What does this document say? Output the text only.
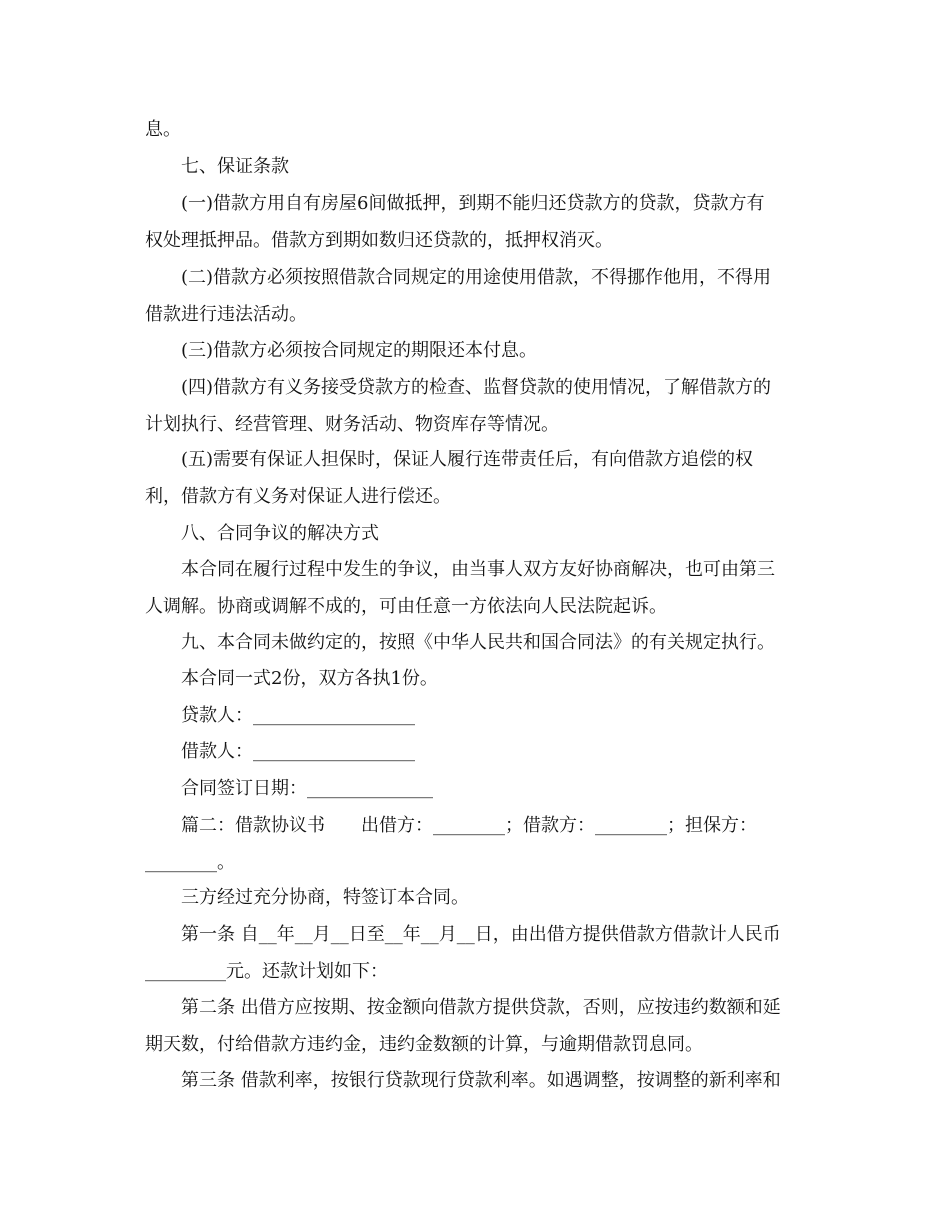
息。

七、保证条款

(一)借款方用自有房屋6间做抵押，到期不能归还贷款方的贷款，贷款方有
权处理抵押品。借款方到期如数归还贷款的，抵押权消灭。

(二)借款方必须按照借款合同规定的用途使用借款，不得挪作他用，不得用
借款进行违法活动。

(三)借款方必须按合同规定的期限还本付息。

(四)借款方有义务接受贷款方的检查、监督贷款的使用情况，了解借款方的
计划执行、经营管理、财务活动、物资库存等情况。

(五)需要有保证人担保时，保证人履行连带责任后，有向借款方追偿的权
利，借款方有义务对保证人进行偿还。

八、合同争议的解决方式

本合同在履行过程中发生的争议，由当事人双方友好协商解决，也可由第三
人调解。协商或调解不成的，可由任意一方依法向人民法院起诉。

九、本合同未做约定的，按照《中华人民共和国合同法》的有关规定执行。

本合同一式2份，双方各执1份。

贷款人：__________________

借款人：__________________

合同签订日期：______________

篇二：借款协议书　　出借方：________；借款方：________；担保方：
________。

三方经过充分协商，特签订本合同。

第一条 自__年__月__日至__年__月__日，由出借方提供借款方借款计人民币
_________元。还款计划如下：

第二条 出借方应按期、按金额向借款方提供贷款，否则，应按违约数额和延
期天数，付给借款方违约金，违约金数额的计算，与逾期借款罚息同。

第三条 借款利率，按银行贷款现行贷款利率。如遇调整，按调整的新利率和
